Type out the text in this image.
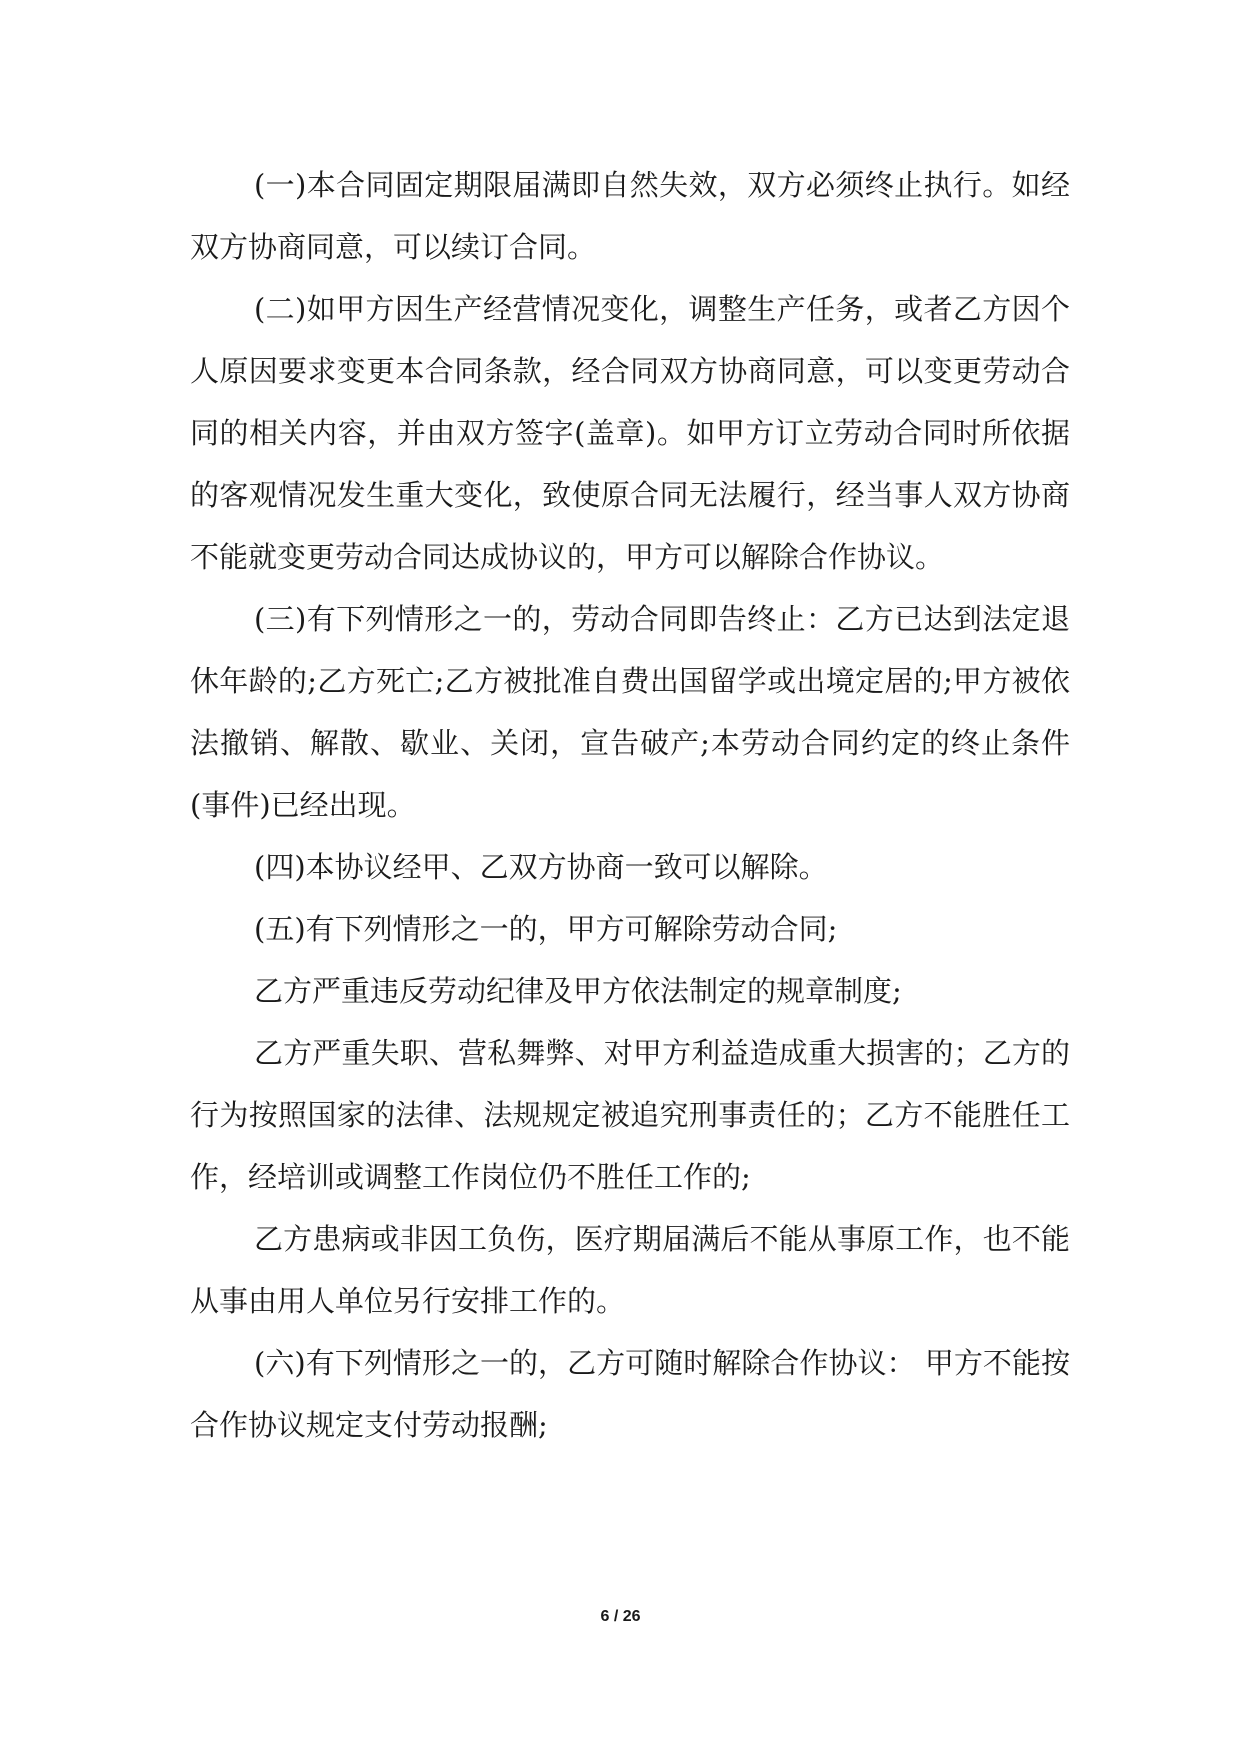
(一)本合同固定期限届满即自然失效，双方必须终止执行。如经双方协商同意，可以续订合同。

(二)如甲方因生产经营情况变化，调整生产任务，或者乙方因个人原因要求变更本合同条款，经合同双方协商同意，可以变更劳动合同的相关内容，并由双方签字(盖章)。如甲方订立劳动合同时所依据的客观情况发生重大变化，致使原合同无法履行，经当事人双方协商不能就变更劳动合同达成协议的，甲方可以解除合作协议。

(三)有下列情形之一的，劳动合同即告终止：乙方已达到法定退休年龄的;乙方死亡;乙方被批准自费出国留学或出境定居的;甲方被依法撤销、解散、歇业、关闭，宣告破产;本劳动合同约定的终止条件(事件)已经出现。

(四)本协议经甲、乙双方协商一致可以解除。

(五)有下列情形之一的，甲方可解除劳动合同;

乙方严重违反劳动纪律及甲方依法制定的规章制度;

乙方严重失职、营私舞弊、对甲方利益造成重大损害的；乙方的行为按照国家的法律、法规规定被追究刑事责任的；乙方不能胜任工作，经培训或调整工作岗位仍不胜任工作的;

乙方患病或非因工负伤，医疗期届满后不能从事原工作，也不能从事由用人单位另行安排工作的。

(六)有下列情形之一的，乙方可随时解除合作协议： 甲方不能按合作协议规定支付劳动报酬;

6 / 26
